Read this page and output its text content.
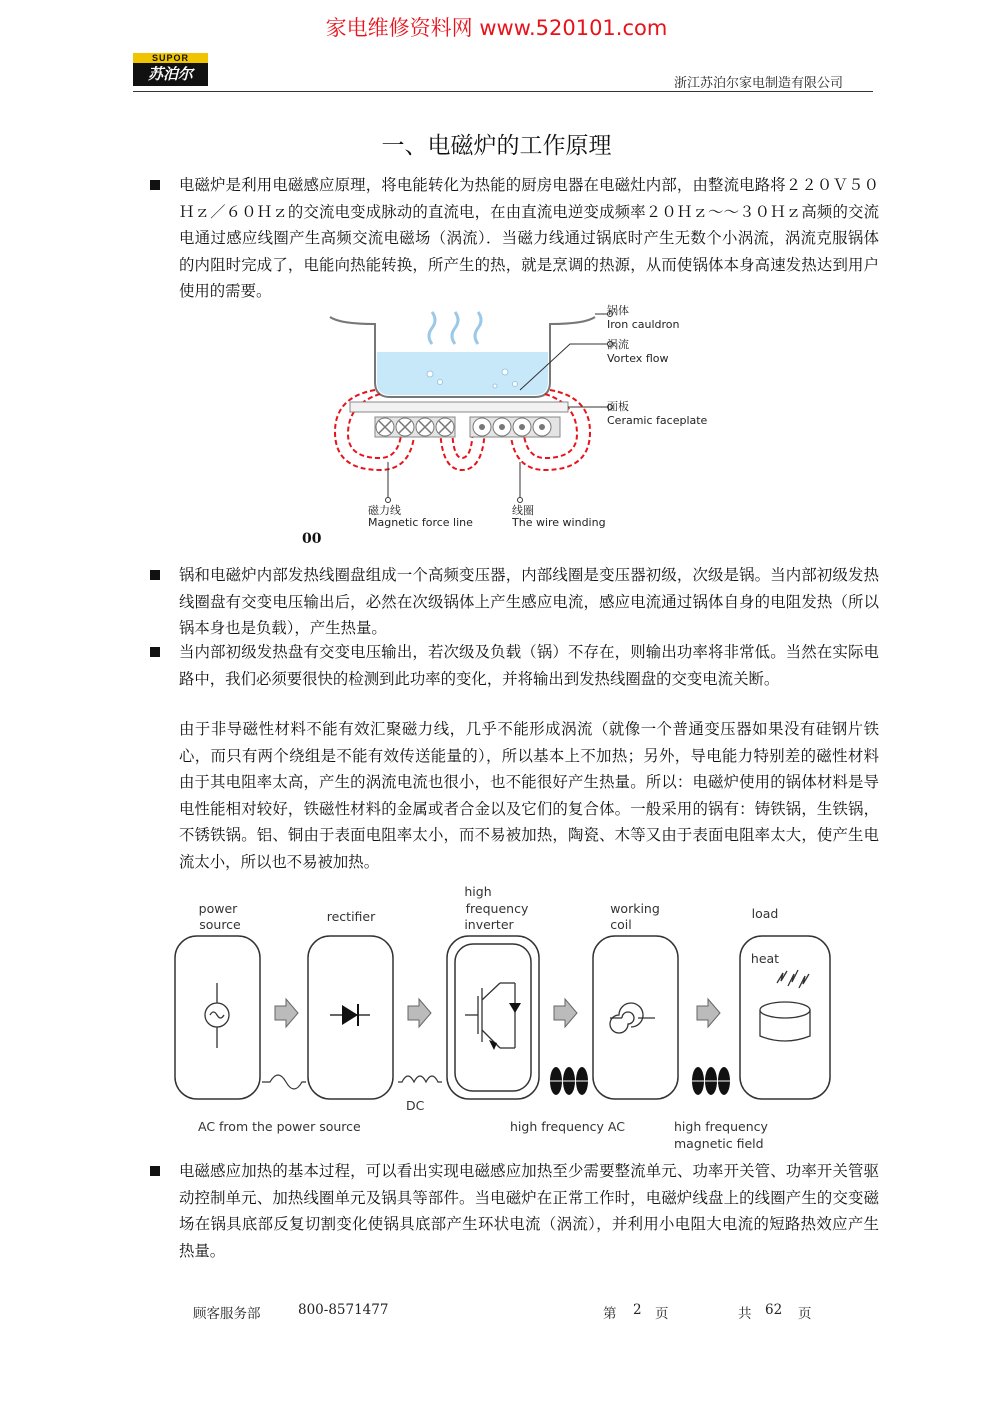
家电维修资料网 www.520101.com
SUPOR
苏泊尔
浙江苏泊尔家电制造有限公司
一、电磁炉的工作原理

电磁炉是利用电磁感应原理，将电能转化为热能的厨房电器在电磁灶内部，由整流电路将２２０Ｖ５０Ｈｚ／６０Ｈｚ的交流电变成脉动的直流电，在由直流电逆变成频率２０Ｈｚ～～３０Ｈｚ高频的交流电通过感应线圈产生高频交流电磁场（涡流）．当磁力线通过锅底时产生无数个小涡流，涡流克服锅体的内阻时完成了，电能向热能转换，所产生的热，就是烹调的热源，从而使锅体本身高速发热达到用户使用的需要。

锅体
Iron cauldron
涡流
Vortex flow
面板
Ceramic faceplate
磁力线
Magnetic force line
线圈
The wire winding
00

锅和电磁炉内部发热线圈盘组成一个高频变压器，内部线圈是变压器初级，次级是锅。当内部初级发热线圈盘有交变电压输出后，必然在次级锅体上产生感应电流，感应电流通过锅体自身的电阻发热（所以锅本身也是负载），产生热量。

当内部初级发热盘有交变电压输出，若次级及负载（锅）不存在，则输出功率将非常低。当然在实际电路中，我们必须要很快的检测到此功率的变化，并将输出到发热线圈盘的交变电流关断。

由于非导磁性材料不能有效汇聚磁力线，几乎不能形成涡流（就像一个普通变压器如果没有硅钢片铁心，而只有两个绕组是不能有效传送能量的），所以基本上不加热；另外，导电能力特别差的磁性材料由于其电阻率太高，产生的涡流电流也很小，也不能很好产生热量。所以：电磁炉使用的锅体材料是导电性能相对较好，铁磁性材料的金属或者合金以及它们的复合体。一般采用的锅有：铸铁锅，生铁锅，不锈铁锅。铝、铜由于表面电阻率太小，而不易被加热，陶瓷、木等又由于表面电阻率太大，使产生电流太小，所以也不易被加热。

power
source
rectifier
high
frequency
inverter
working
coil
load
heat
AC from the power source
DC
high frequency AC	high frequency
magnetic field

电磁感应加热的基本过程，可以看出实现电磁感应加热至少需要整流单元、功率开关管、功率开关管驱动控制单元、加热线圈单元及锅具等部件。当电磁炉在正常工作时，电磁炉线盘上的线圈产生的交变磁场在锅具底部反复切割变化使锅具底部产生环状电流（涡流），并利用小电阻大电流的短路热效应产生热量。

顾客服务部	800-8571477	第 2 页	共 62 页
